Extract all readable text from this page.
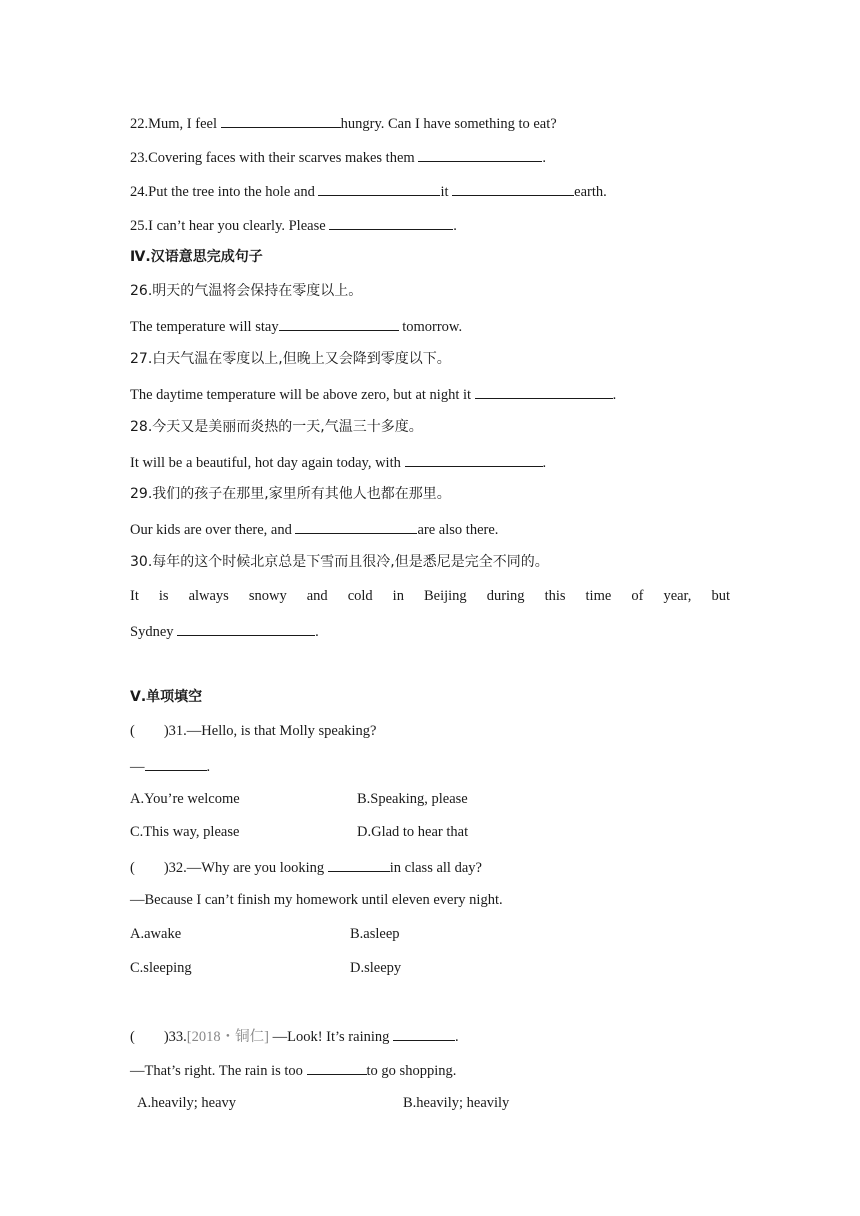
22.Mum, I feel	hungry. Can I have something to eat?
23.Covering faces with their scarves makes them	.
24.Put the tree into the hole and	it	earth.
25.I can’t hear you clearly. Please	.
Ⅳ.汉语意思完成句子
26.明天的气温将会保持在零度以上。
The temperature will stay	tomorrow.
27.白天气温在零度以上,但晚上又会降到零度以下。
The daytime temperature will be above zero, but at night it	.
28.今天又是美丽而炎热的一天,气温三十多度。
It will be a beautiful, hot day again today, with	.
29.我们的孩子在那里,家里所有其他人也都在那里。
Our kids are over there, and	are also there.
30.每年的这个时候北京总是下雪而且很冷,但是悉尼是完全不同的。
It is always snowy and cold in Beijing during this time of year, but
Sydney	.
Ⅴ.单项填空
(        )31.—Hello, is that Molly speaking?
—	.
A.You’re welcome	B.Speaking, please
C.This way, please	D.Glad to hear that
(        )32.—Why are you looking	in class all day?
—Because I can’t finish my homework until eleven every night.
A.awake	B.asleep
C.sleeping	D.sleepy
(        )33.[2018・铜仁] —Look! It’s raining	.
—That’s right. The rain is too	to go shopping.
A.heavily; heavy	B.heavily; heavily
